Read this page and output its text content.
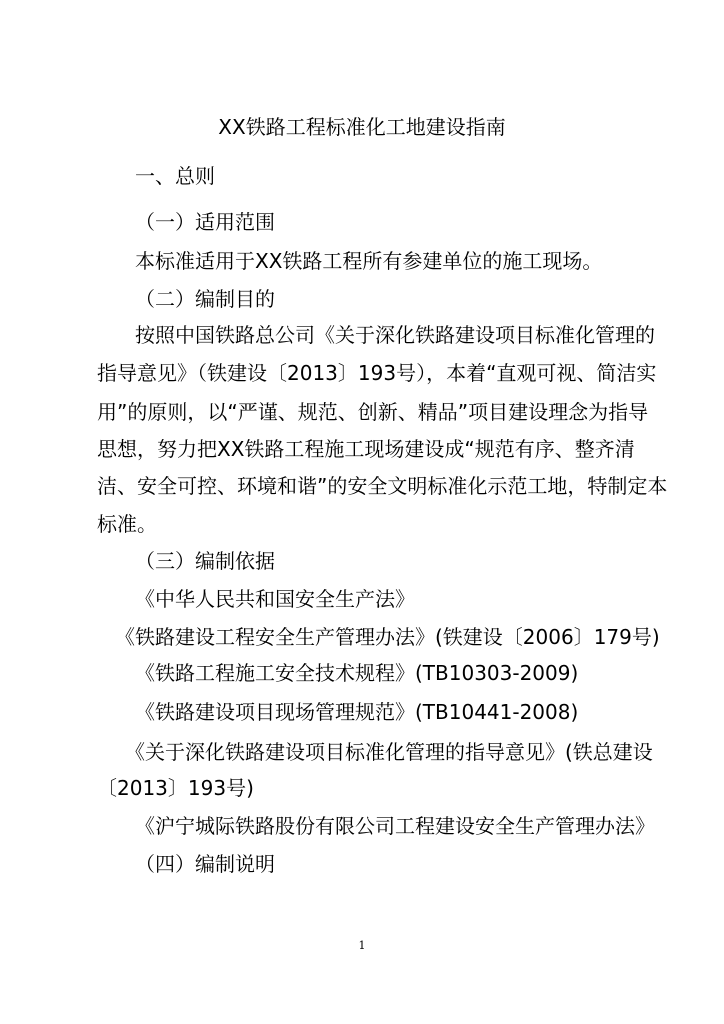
XX铁路工程标准化工地建设指南
一、总则
（一）适用范围
本标准适用于XX铁路工程所有参建单位的施工现场。
（二）编制目的
按照中国铁路总公司《关于深化铁路建设项目标准化管理的
指导意见》（铁建设〔2013〕193号），本着“直观可视、简洁实
用”的原则，以“严谨、规范、创新、精品”项目建设理念为指导
思想，努力把XX铁路工程施工现场建设成“规范有序、整齐清
洁、安全可控、环境和谐”的安全文明标准化示范工地，特制定本
标准。
（三）编制依据
《中华人民共和国安全生产法》
《铁路建设工程安全生产管理办法》(铁建设〔2006〕179号)
《铁路工程施工安全技术规程》(TB10303-2009)
《铁路建设项目现场管理规范》(TB10441-2008)
《关于深化铁路建设项目标准化管理的指导意见》(铁总建设
〔2013〕193号)
《沪宁城际铁路股份有限公司工程建设安全生产管理办法》
（四）编制说明
1
